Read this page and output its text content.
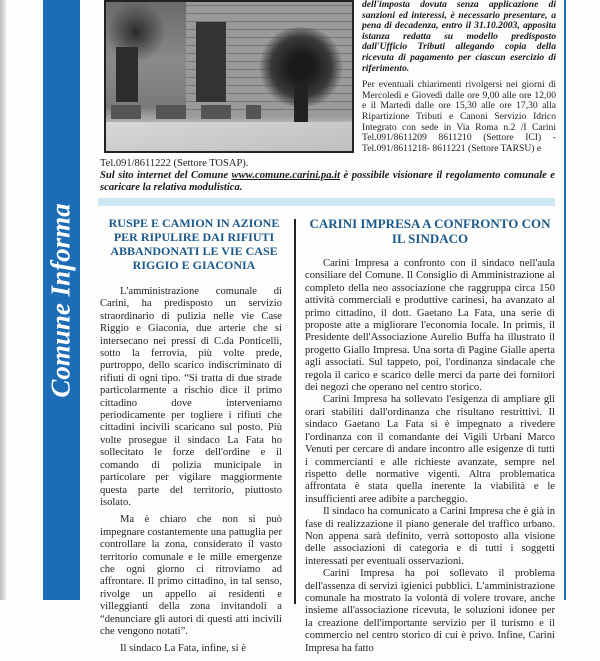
Comune Informa

dell'imposta dovuta senza applicazione di sanzioni ed interessi, è necessario presentare, a pena di decadenza, entro il 31.10.2003, apposita istanza redatta su modello predisposto dall'Ufficio Tributi allegando copia della ricevuta di pagamento per ciascun esercizio di riferimento.

Per eventuali chiarimenti rivolgersi nei giorni di Mercoledì e Giovedì dalle ore 9,00 alle ore 12,00 e il Martedì dalle ore 15,30 alle ore 17,30 alla Ripartizione Tributi e Canoni Servizio Idrico Integrato con sede in Via Roma n.2 /I Carini Tel.091/8611209 8611210 (Settore ICI) - Tel.091/8611218- 8611221 (Settore TARSU) e

Tel.091/8611222 (Settore TOSAP).
Sul sito internet del Comune www.comune.carini.pa.it è possibile visionare il regolamento comunale e scaricare la relativa modulistica.
RUSPE E CAMION IN AZIONE PER RIPULIRE DAI RIFIUTI ABBANDONATI LE VIE CASE RIGGIO E GIACONIA

L'amministrazione comunale di Carini, ha predisposto un servizio straordinario di pulizia nelle vie Case Riggio e Giaconia, due arterie che si intersecano nei pressi di C.da Ponticelli, sotto la ferrovia, più volte prede, purtroppo, dello scarico indiscriminato di rifiuti di ogni tipo. “Si tratta di due strade particolarmente a rischio dice il primo cittadino dove interveniamo periodicamente per togliere i rifiuti che cittadini incivili scaricano sul posto. Più volte prosegue il sindaco La Fata ho sollecitato le forze dell'ordine e il comando di polizia municipale in particolare per vigilare maggiormente questa parte del territorio, piuttosto isolato.

Ma è chiaro che non si può impegnare costantemente una pattuglia per controllare la zona, considerato il vasto territorio comunale e le mille emergenze che ogni giorno ci ritroviamo ad affrontare. Il primo cittadino, in tal senso, rivolge un appello ai residenti e villeggianti della zona invitandoli a “denunciare gli autori di questi atti incivili che vengono notati”.

Il sindaco La Fata, infine, si è

CARINI IMPRESA A CONFRONTO CON IL SINDACO

Carini Impresa a confronto con il sindaco nell'aula consiliare del Comune. Il Consiglio di Amministrazione al completo della neo associazione che raggruppa circa 150 attività commerciali e produttive carinesi, ha avanzato al primo cittadino, il dott. Gaetano La Fata, una serie di proposte atte a migliorare l'economia locale. In primis, il Presidente dell'Associazione Aurelio Buffa ha illustrato il progetto Giallo Impresa. Una sorta di Pagine Gialle aperta agli associati. Sul tappeto, poi, l'ordinanza sindacale che regola il carico e scarico delle merci da parte dei fornitori dei negozi che operano nel centro storico.

Carini Impresa ha sollevato l'esigenza di ampliare gli orari stabiliti dall'ordinanza che risultano restrittivi. Il sindaco Gaetano La Fata si è impegnato a rivedere l'ordinanza con il comandante dei Vigili Urbani Marco Venuti per cercare di andare incontro alle esigenze di tutti i commercianti e alle richieste avanzate, sempre nel rispetto delle normative vigenti. Altra problematica affrontata è stata quella inerente la viabilità e le insufficienti aree adibite a parcheggio.

Il sindaco ha comunicato a Carini Impresa che è già in fase di realizzazione il piano generale del traffico urbano. Non appena sarà definito, verrà sottoposto alla visione delle associazioni di categoria e di tutti i soggetti interessati per eventuali osservazioni.

Carini Impresa ha poi sollevato il problema dell'assenza di servizi igienici pubblici. L'amministrazione comunale ha mostrato la volontà di volere trovare, anche insieme all'associazione ricevuta, le soluzioni idonee per la creazione dell'importante servizio per il turismo e il commercio nel centro storico di cui è privo. Infine, Carini Impresa ha fatto
